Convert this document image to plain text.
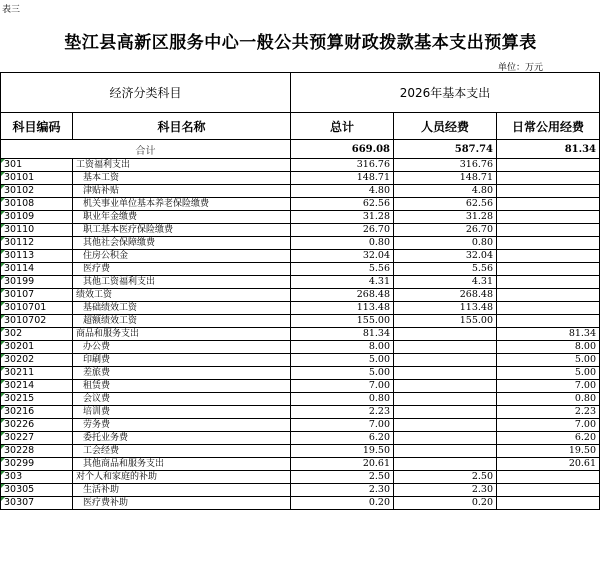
表三
垫江县高新区服务中心一般公共预算财政拨款基本支出预算表
单位：万元
经济分类科目		2026年基本支出		
科目编码	科目名称	总计	人员经费	日常公用经费
合计		669.08	587.74	81.34
301	工资福利支出	316.76	316.76	
30101	基本工资	148.71	148.71	
30102	津贴补贴	4.80	4.80	
30108	机关事业单位基本养老保险缴费	62.56	62.56	
30109	职业年金缴费	31.28	31.28	
30110	职工基本医疗保险缴费	26.70	26.70	
30112	其他社会保障缴费	0.80	0.80	
30113	住房公积金	32.04	32.04	
30114	医疗费	5.56	5.56	
30199	其他工资福利支出	4.31	4.31	
30107	绩效工资	268.48	268.48	
3010701	基础绩效工资	113.48	113.48	
3010702	超额绩效工资	155.00	155.00	
302	商品和服务支出	81.34		81.34
30201	办公费	8.00		8.00
30202	印刷费	5.00		5.00
30211	差旅费	5.00		5.00
30214	租赁费	7.00		7.00
30215	会议费	0.80		0.80
30216	培训费	2.23		2.23
30226	劳务费	7.00		7.00
30227	委托业务费	6.20		6.20
30228	工会经费	19.50		19.50
30299	其他商品和服务支出	20.61		20.61
303	对个人和家庭的补助	2.50	2.50	
30305	生活补助	2.30	2.30	
30307	医疗费补助	0.20	0.20	
